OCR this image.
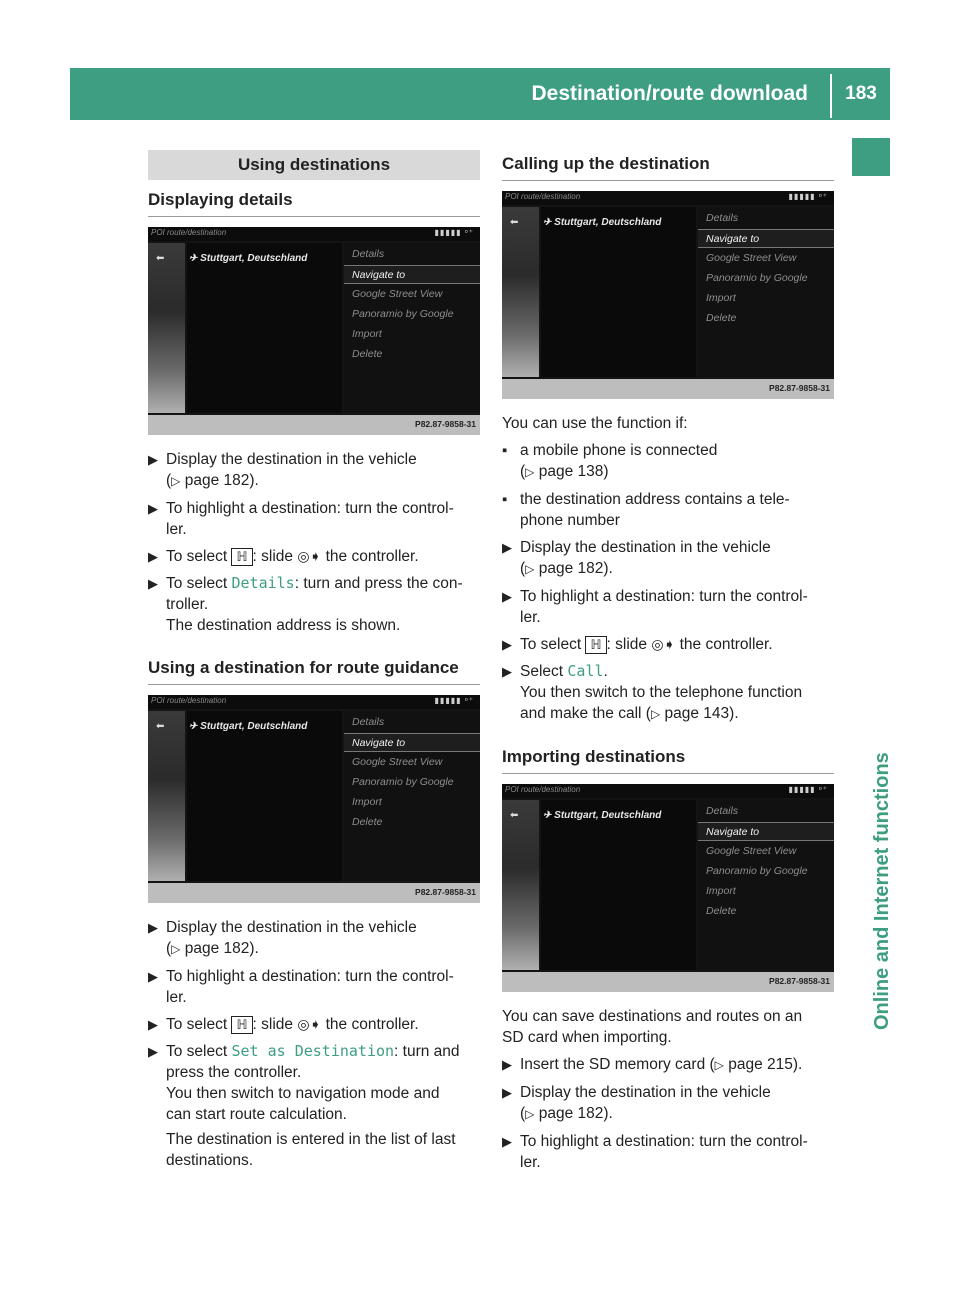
Destination/route download	183
Online and Internet functions
Using destinations
Displaying details
POI route/destination	▮▮▮▮▮ ᵒ⁺
⬅ ✈ Stuttgart, Deutschland	Details
Navigate to
Google Street View
Panoramio by Google
Import
Delete
P82.87-9858-31
▶ Display the destination in the vehicle
(▷ page 182).
▶ To highlight a destination: turn the control-
ler.
▶ To select ℍ : slide ◎➧ the controller.
▶ To select Details: turn and press the con-
troller.
The destination address is shown.
Using a destination for route guidance
POI route/destination	▮▮▮▮▮ ᵒ⁺
⬅ ✈ Stuttgart, Deutschland	Details
Navigate to
Google Street View
Panoramio by Google
Import
Delete
P82.87-9858-31
▶ Display the destination in the vehicle
(▷ page 182).
▶ To highlight a destination: turn the control-
ler.
▶ To select ℍ : slide ◎➧ the controller.
▶ To select Set as Destination: turn and
press the controller.
You then switch to navigation mode and
can start route calculation.
The destination is entered in the list of last
destinations.
Calling up the destination
POI route/destination	▮▮▮▮▮ ᵒ⁺
⬅ ✈ Stuttgart, Deutschland	Details
Navigate to
Google Street View
Panoramio by Google
Import
Delete
P82.87-9858-31
You can use the function if:
▪ a mobile phone is connected
(▷ page 138)
▪ the destination address contains a tele-
phone number
▶ Display the destination in the vehicle
(▷ page 182).
▶ To highlight a destination: turn the control-
ler.
▶ To select ℍ : slide ◎➧ the controller.
▶ Select Call.
You then switch to the telephone function
and make the call (▷ page 143).
Importing destinations
POI route/destination	▮▮▮▮▮ ᵒ⁺
⬅ ✈ Stuttgart, Deutschland	Details
Navigate to
Google Street View
Panoramio by Google
Import
Delete
P82.87-9858-31
You can save destinations and routes on an
SD card when importing.
▶ Insert the SD memory card (▷ page 215).
▶ Display the destination in the vehicle
(▷ page 182).
▶ To highlight a destination: turn the control-
ler.
